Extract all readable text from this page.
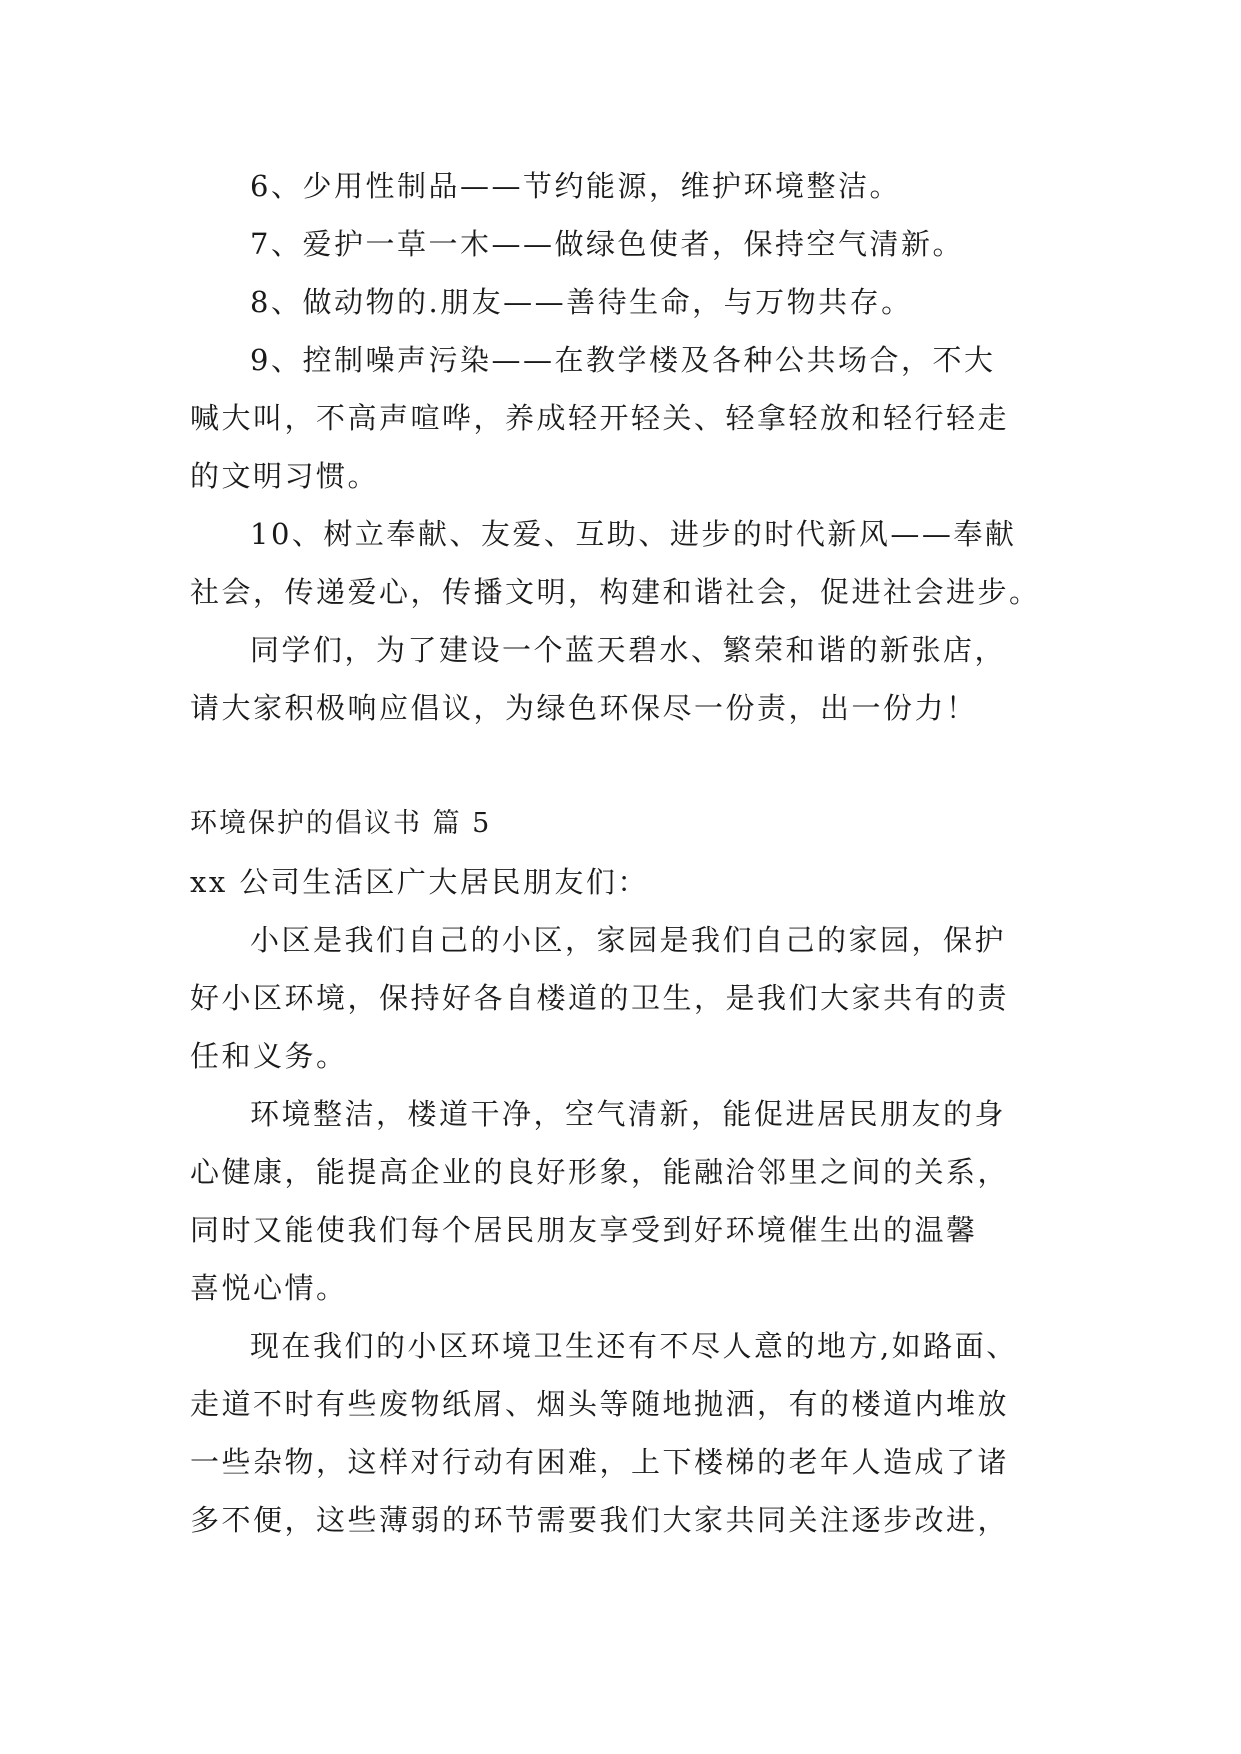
6、少用性制品——节约能源，维护环境整洁。
7、爱护一草一木——做绿色使者，保持空气清新。
8、做动物的.朋友——善待生命，与万物共存。
9、控制噪声污染——在教学楼及各种公共场合，不大
喊大叫，不高声喧哗，养成轻开轻关、轻拿轻放和轻行轻走
的文明习惯。
10、树立奉献、友爱、互助、进步的时代新风——奉献
社会，传递爱心，传播文明，构建和谐社会，促进社会进步。
同学们，为了建设一个蓝天碧水、繁荣和谐的新张店，
请大家积极响应倡议，为绿色环保尽一份责，出一份力！
环境保护的倡议书 篇 5
xx 公司生活区广大居民朋友们：
小区是我们自己的小区，家园是我们自己的家园，保护
好小区环境，保持好各自楼道的卫生，是我们大家共有的责
任和义务。
环境整洁，楼道干净，空气清新，能促进居民朋友的身
心健康，能提高企业的良好形象，能融洽邻里之间的关系，
同时又能使我们每个居民朋友享受到好环境催生出的温馨
喜悦心情。
现在我们的小区环境卫生还有不尽人意的地方,如路面、
走道不时有些废物纸屑、烟头等随地抛洒，有的楼道内堆放
一些杂物，这样对行动有困难，上下楼梯的老年人造成了诸
多不便，这些薄弱的环节需要我们大家共同关注逐步改进，
